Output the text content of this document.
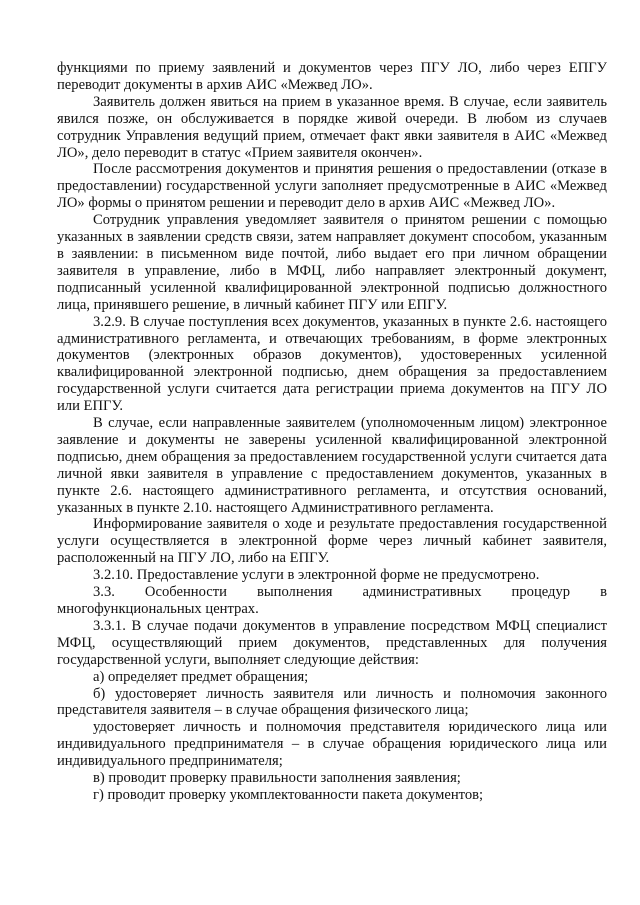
функциями по приему заявлений и документов через ПГУ ЛО, либо через ЕПГУ переводит документы в архив АИС «Межвед ЛО».

Заявитель должен явиться на прием в указанное время. В случае, если заявитель явился позже, он обслуживается в порядке живой очереди. В любом из случаев сотрудник Управления ведущий прием, отмечает факт явки заявителя в АИС «Межвед ЛО», дело переводит в статус «Прием заявителя окончен».

После рассмотрения документов и принятия решения о предоставлении (отказе в предоставлении) государственной услуги заполняет предусмотренные в АИС «Межвед ЛО» формы о принятом решении и переводит дело в архив АИС «Межвед ЛО».

Сотрудник управления уведомляет заявителя о принятом решении с помощью указанных в заявлении средств связи, затем направляет документ способом, указанным в заявлении: в письменном виде почтой, либо выдает его при личном обращении заявителя в управление, либо в МФЦ, либо направляет электронный документ, подписанный усиленной квалифицированной электронной подписью должностного лица, принявшего решение, в личный кабинет ПГУ или ЕПГУ.

3.2.9. В случае поступления всех документов, указанных в пункте 2.6. настоящего административного регламента, и отвечающих требованиям, в форме электронных документов (электронных образов документов), удостоверенных усиленной квалифицированной электронной подписью, днем обращения за предоставлением государственной услуги считается дата регистрации приема документов на ПГУ ЛО или ЕПГУ.

В случае, если направленные заявителем (уполномоченным лицом) электронное заявление и документы не заверены усиленной квалифицированной электронной подписью, днем обращения за предоставлением государственной услуги считается дата личной явки заявителя в управление с предоставлением документов, указанных в пункте 2.6. настоящего административного регламента, и отсутствия оснований, указанных в пункте 2.10. настоящего Административного регламента.

Информирование заявителя о ходе и результате предоставления государственной услуги осуществляется в электронной форме через личный кабинет заявителя, расположенный на ПГУ ЛО, либо на ЕПГУ.

3.2.10. Предоставление услуги в электронной форме не предусмотрено.

3.3. Особенности выполнения административных процедур в многофункциональных центрах.

3.3.1. В случае подачи документов в управление посредством МФЦ специалист МФЦ, осуществляющий прием документов, представленных для получения государственной услуги, выполняет следующие действия:

а) определяет предмет обращения;

б) удостоверяет личность заявителя или личность и полномочия законного представителя заявителя – в случае обращения физического лица;

удостоверяет личность и полномочия представителя юридического лица или индивидуального предпринимателя – в случае обращения юридического лица или индивидуального предпринимателя;

в) проводит проверку правильности заполнения заявления;

г) проводит проверку укомплектованности пакета документов;
